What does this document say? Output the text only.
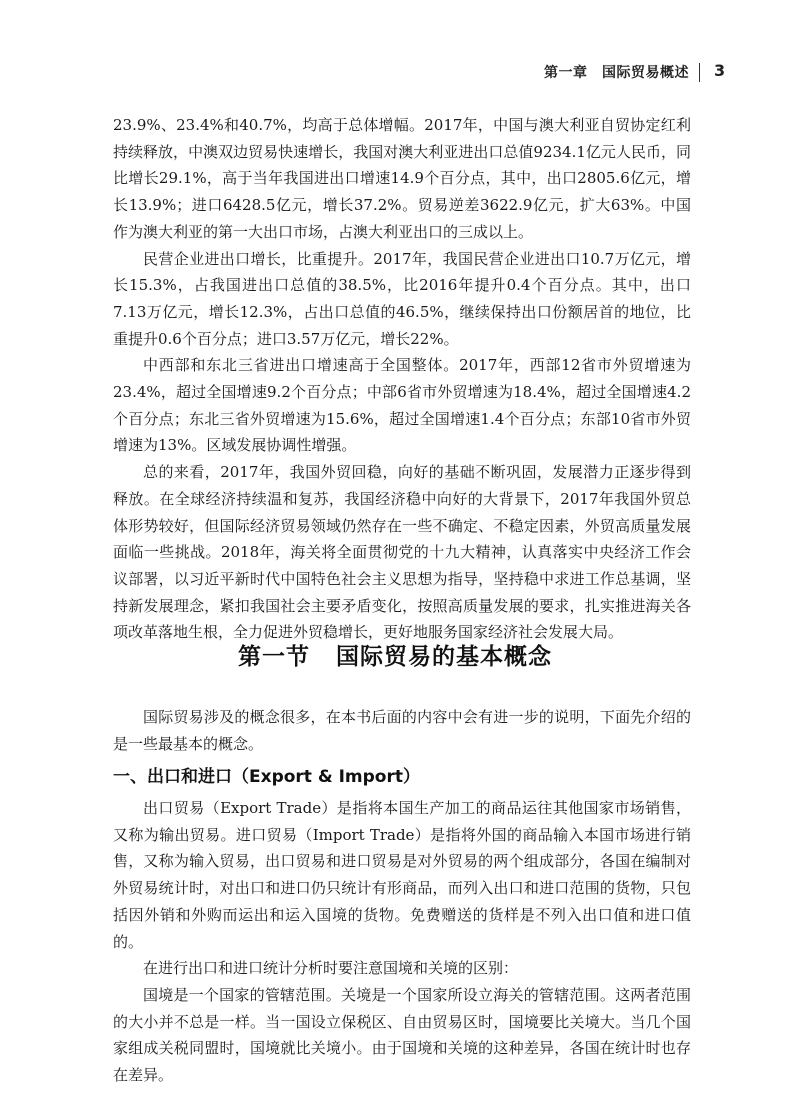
第一章　国际贸易概述 3

23.9%、23.4%和40.7%，均高于总体增幅。2017年，中国与澳大利亚自贸协定红利持续释放，中澳双边贸易快速增长，我国对澳大利亚进出口总值9234.1亿元人民币，同比增长29.1%，高于当年我国进出口增速14.9个百分点，其中，出口2805.6亿元，增长13.9%；进口6428.5亿元，增长37.2%。贸易逆差3622.9亿元，扩大63%。中国作为澳大利亚的第一大出口市场，占澳大利亚出口的三成以上。

民营企业进出口增长，比重提升。2017年，我国民营企业进出口10.7万亿元，增长15.3%，占我国进出口总值的38.5%，比2016年提升0.4个百分点。其中，出口7.13万亿元，增长12.3%，占出口总值的46.5%，继续保持出口份额居首的地位，比重提升0.6个百分点；进口3.57万亿元，增长22%。

中西部和东北三省进出口增速高于全国整体。2017年，西部12省市外贸增速为23.4%，超过全国增速9.2个百分点；中部6省市外贸增速为18.4%，超过全国增速4.2个百分点；东北三省外贸增速为15.6%，超过全国增速1.4个百分点；东部10省市外贸增速为13%。区域发展协调性增强。

总的来看，2017年，我国外贸回稳，向好的基础不断巩固，发展潜力正逐步得到释放。在全球经济持续温和复苏，我国经济稳中向好的大背景下，2017年我国外贸总体形势较好，但国际经济贸易领域仍然存在一些不确定、不稳定因素，外贸高质量发展面临一些挑战。2018年，海关将全面贯彻党的十九大精神，认真落实中央经济工作会议部署，以习近平新时代中国特色社会主义思想为指导，坚持稳中求进工作总基调，坚持新发展理念，紧扣我国社会主要矛盾变化，按照高质量发展的要求，扎实推进海关各项改革落地生根，全力促进外贸稳增长，更好地服务国家经济社会发展大局。

第一节 国际贸易的基本概念

国际贸易涉及的概念很多，在本书后面的内容中会有进一步的说明，下面先介绍的是一些最基本的概念。

一、出口和进口（Export & Import）

出口贸易（Export Trade）是指将本国生产加工的商品运往其他国家市场销售，又称为输出贸易。进口贸易（Import Trade）是指将外国的商品输入本国市场进行销售，又称为输入贸易，出口贸易和进口贸易是对外贸易的两个组成部分，各国在编制对外贸易统计时，对出口和进口仍只统计有形商品，而列入出口和进口范围的货物，只包括因外销和外购而运出和运入国境的货物。免费赠送的货样是不列入出口值和进口值的。

在进行出口和进口统计分析时要注意国境和关境的区别：

国境是一个国家的管辖范围。关境是一个国家所设立海关的管辖范围。这两者范围的大小并不总是一样。当一国设立保税区、自由贸易区时，国境要比关境大。当几个国家组成关税同盟时，国境就比关境小。由于国境和关境的这种差异，各国在统计时也存在差异。
